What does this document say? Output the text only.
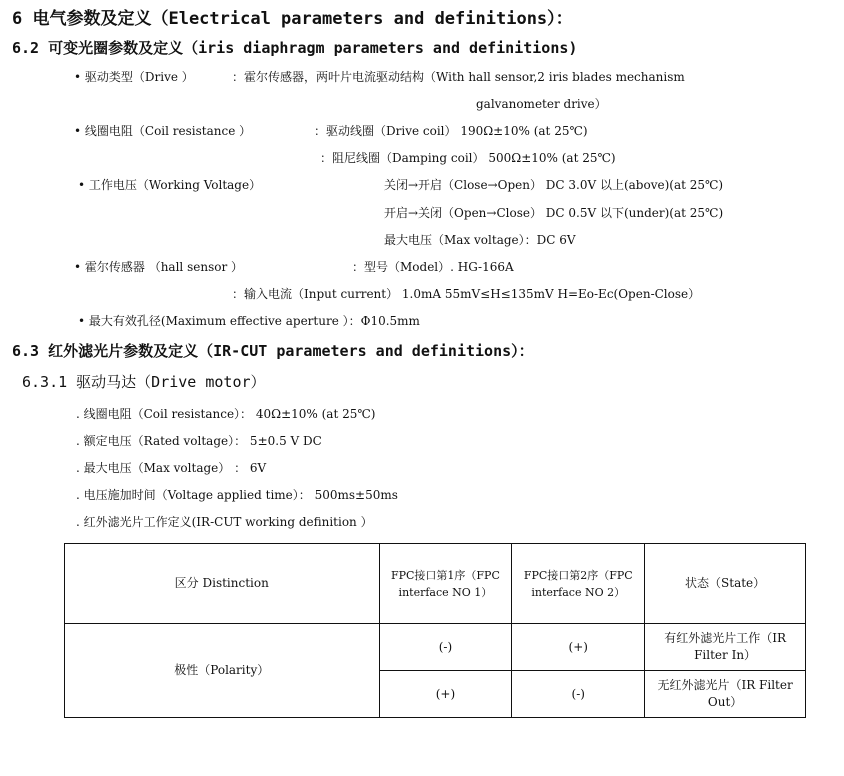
6 电气参数及定义（Electrical parameters and definitions）：
6.2 可变光圈参数及定义（iris diaphragm parameters and definitions)
• 驱动类型（Drive ）	：霍尔传感器，两叶片电流驱动结构（With hall sensor,2 iris blades mechanism
galvanometer drive）
• 线圈电阻（Coil resistance ）	：驱动线圈（Drive coil） 190Ω±10% (at 25℃)
：阻尼线圈（Damping coil） 500Ω±10% (at 25℃)
• 工作电压（Working Voltage）	关闭→开启（Close→Open） DC 3.0V 以上(above)(at 25℃)
开启→关闭（Open→Close） DC 0.5V 以下(under)(at 25℃)
最大电压（Max voltage）：DC 6V
• 霍尔传感器 （hall sensor ）	：型号（Model）. HG-166A
：输入电流（Input current） 1.0mA 55mV≤H≤135mV H=Eo-Ec(Open-Close）
• 最大有效孔径(Maximum effective aperture ）：Φ10.5mm
6.3 红外滤光片参数及定义（IR-CUT parameters and definitions）：
6.3.1 驱动马达（Drive motor）
. 线圈电阻（Coil resistance）： 40Ω±10% (at 25℃)
. 额定电压（Rated voltage）： 5±0.5 V DC
. 最大电压（Max voltage） ： 6V
. 电压施加时间（Voltage applied time）： 500ms±50ms
. 红外滤光片工作定义(IR-CUT working definition ）
区分 Distinction	FPC接口第1序（FPC interface NO 1）	FPC接口第2序（FPC interface NO 2）	状态（State）
极性（Polarity）	(-)	(+)	有红外滤光片工作（IR Filter In）
	(+)	(-)	无红外滤光片（IR Filter Out）
